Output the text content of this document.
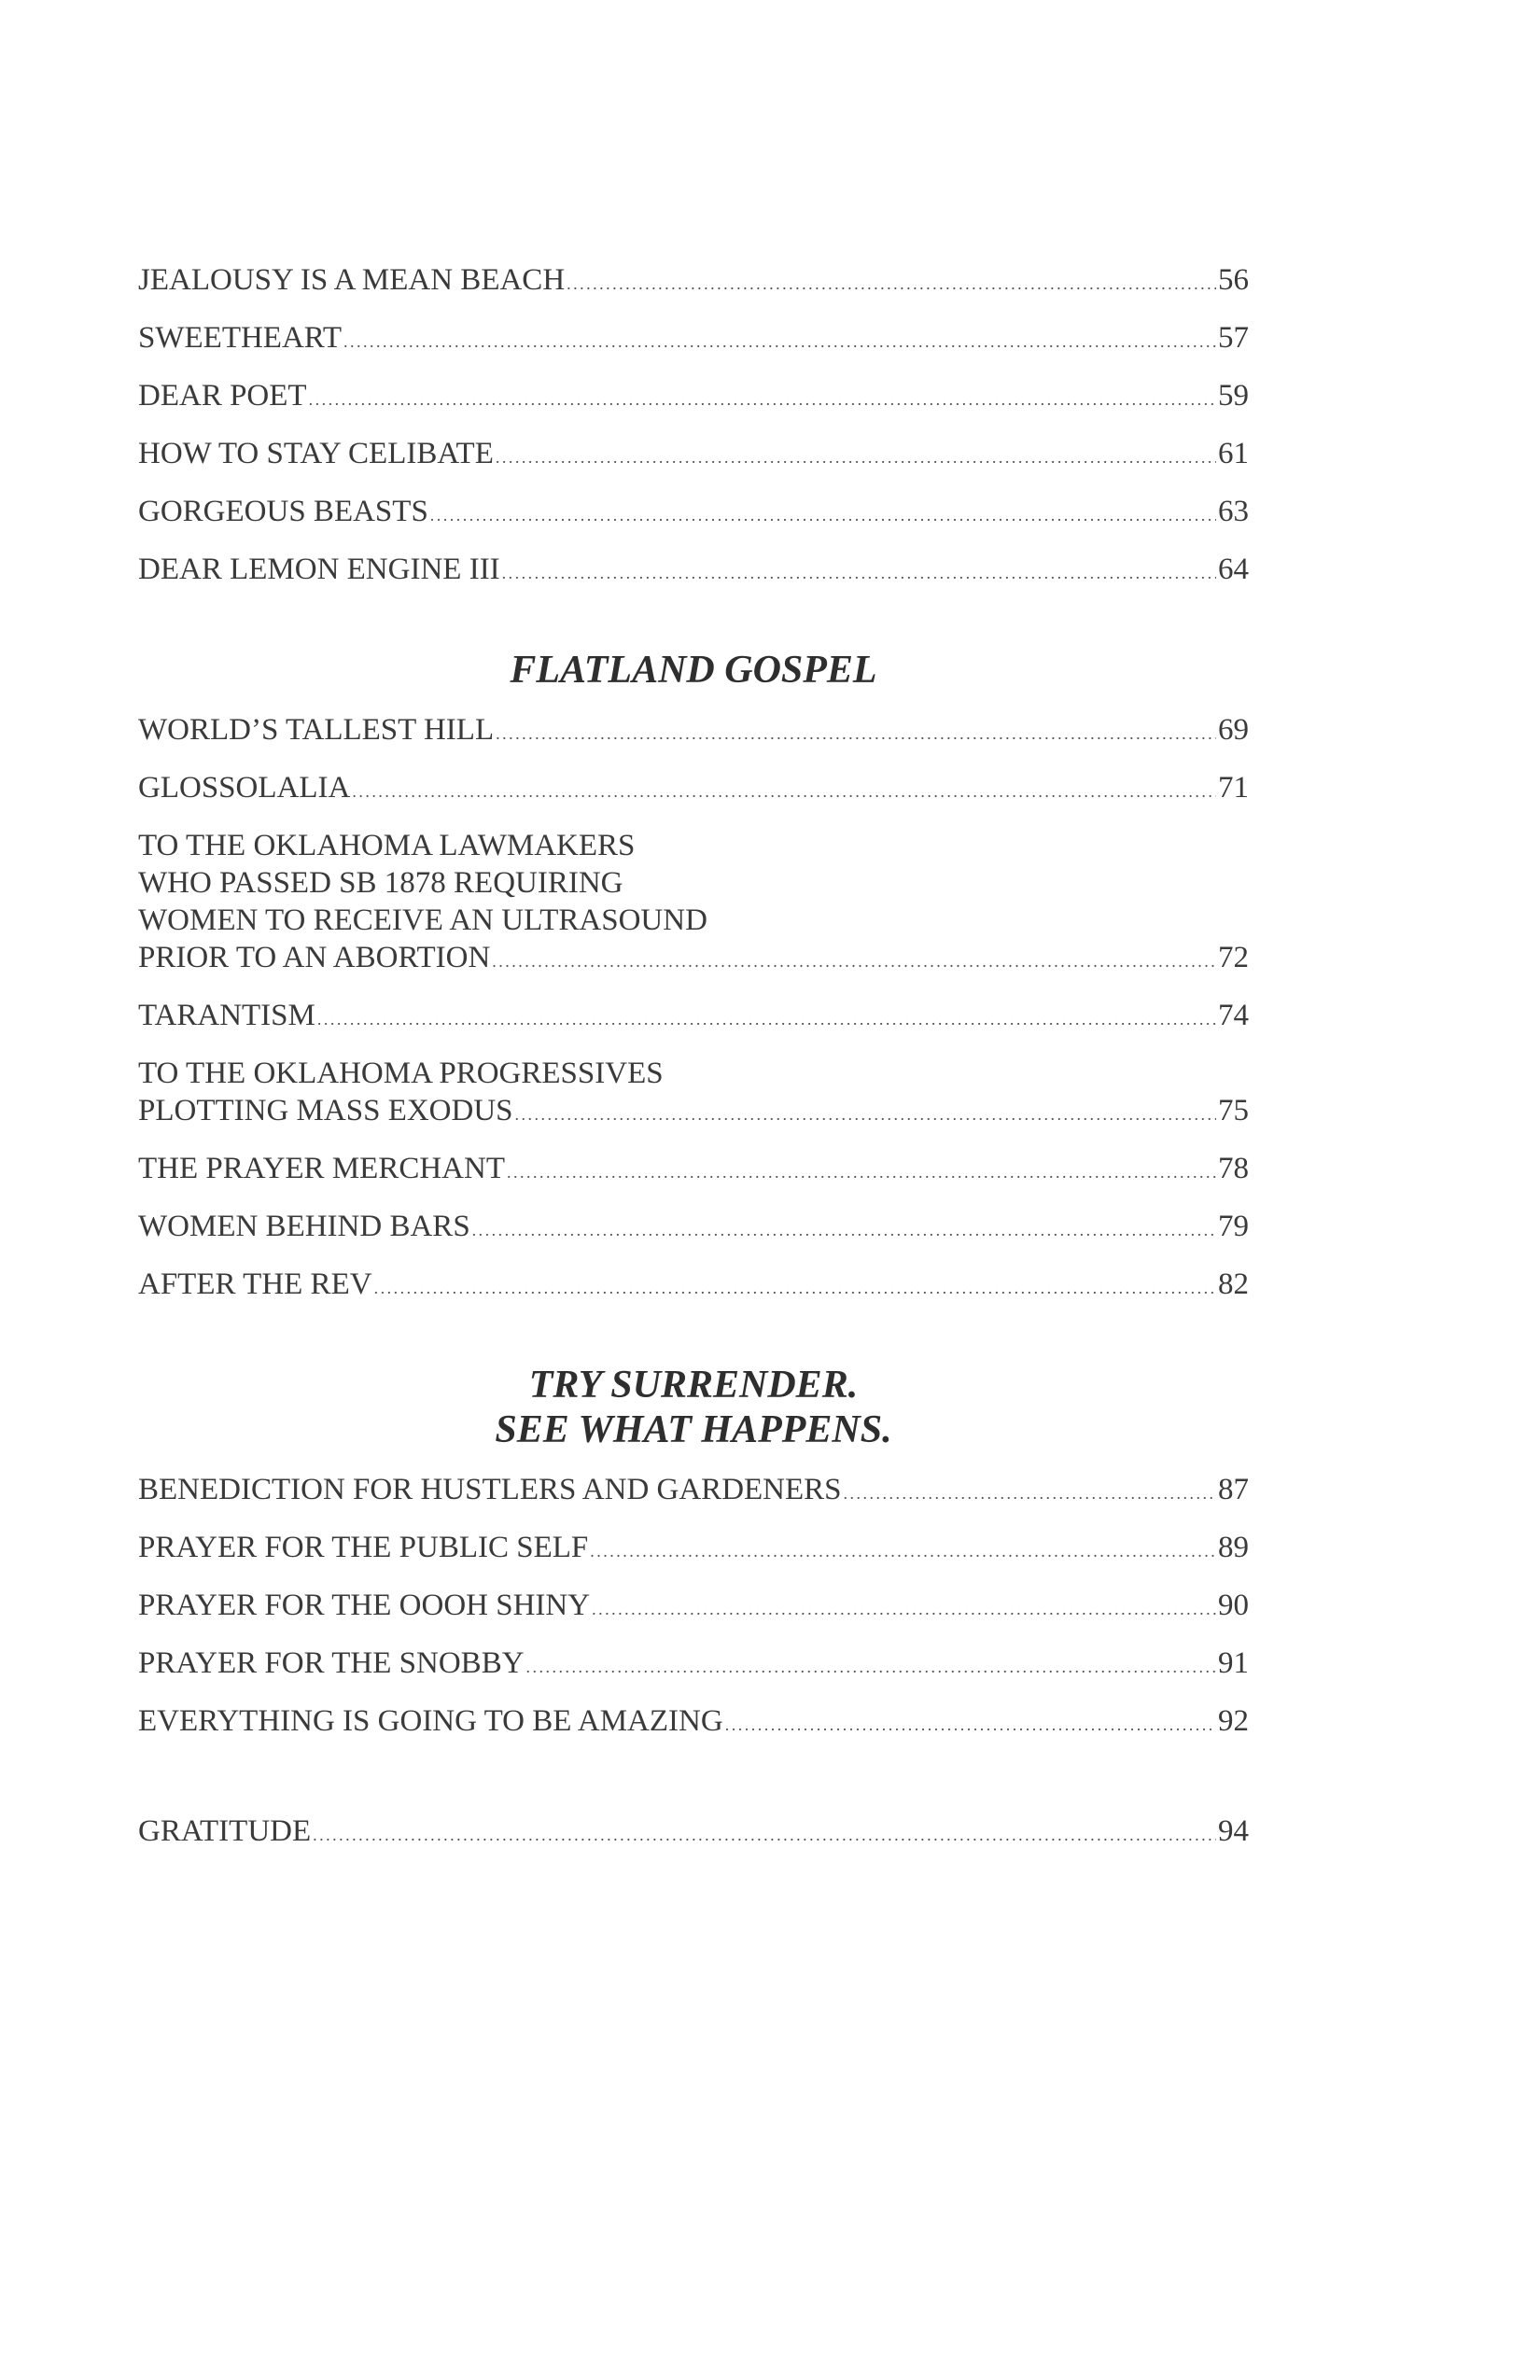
JEALOUSY IS A MEAN BEACH . . .	56
SWEETHEART . . .	57
DEAR POET . . .	59
HOW TO STAY CELIBATE . . .	61
GORGEOUS BEASTS . . .	63
DEAR LEMON ENGINE III . . .	64
FLATLAND GOSPEL
WORLD’S TALLEST HILL . . .	69
GLOSSOLALIA . . .	71
TO THE OKLAHOMA LAWMAKERS
WHO PASSED SB 1878 REQUIRING
WOMEN TO RECEIVE AN ULTRASOUND
PRIOR TO AN ABORTION . . .	72
TARANTISM . . .	74
TO THE OKLAHOMA PROGRESSIVES
PLOTTING MASS EXODUS . . .	75
THE PRAYER MERCHANT . . .	78
WOMEN BEHIND BARS . . .	79
AFTER THE REV . . .	82
TRY SURRENDER.
SEE WHAT HAPPENS.
BENEDICTION FOR HUSTLERS AND GARDENERS . . .	87
PRAYER FOR THE PUBLIC SELF . . .	89
PRAYER FOR THE OOOH SHINY . . .	90
PRAYER FOR THE SNOBBY . . .	91
EVERYTHING IS GOING TO BE AMAZING . . .	92
GRATITUDE . . .	94
